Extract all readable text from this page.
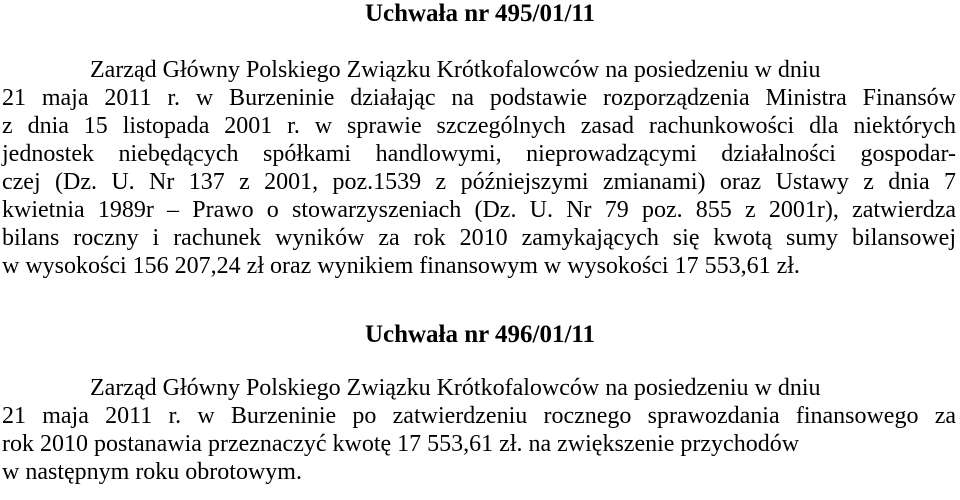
Uchwała nr 495/01/11
Zarząd Główny Polskiego Związku Krótkofalowców na posiedzeniu w dniu
21 maja 2011 r. w Burzeninie działając na podstawie rozporządzenia Ministra Finansów
z dnia 15 listopada 2001 r. w sprawie szczególnych zasad rachunkowości dla niektórych
jednostek niebędących spółkami handlowymi, nieprowadzącymi działalności gospodar-
czej (Dz. U. Nr 137 z 2001, poz.1539 z późniejszymi zmianami) oraz Ustawy z dnia 7
kwietnia 1989r – Prawo o stowarzyszeniach (Dz. U. Nr 79 poz. 855 z 2001r), zatwierdza
bilans roczny i rachunek wyników za rok 2010 zamykających się kwotą sumy bilansowej
w wysokości 156 207,24 zł oraz wynikiem finansowym w wysokości 17 553,61 zł.
Uchwała nr 496/01/11
Zarząd Główny Polskiego Związku Krótkofalowców na posiedzeniu w dniu
21 maja 2011 r. w Burzeninie po zatwierdzeniu rocznego sprawozdania finansowego za
rok 2010 postanawia przeznaczyć kwotę 17 553,61 zł. na zwiększenie przychodów
w następnym roku obrotowym.
